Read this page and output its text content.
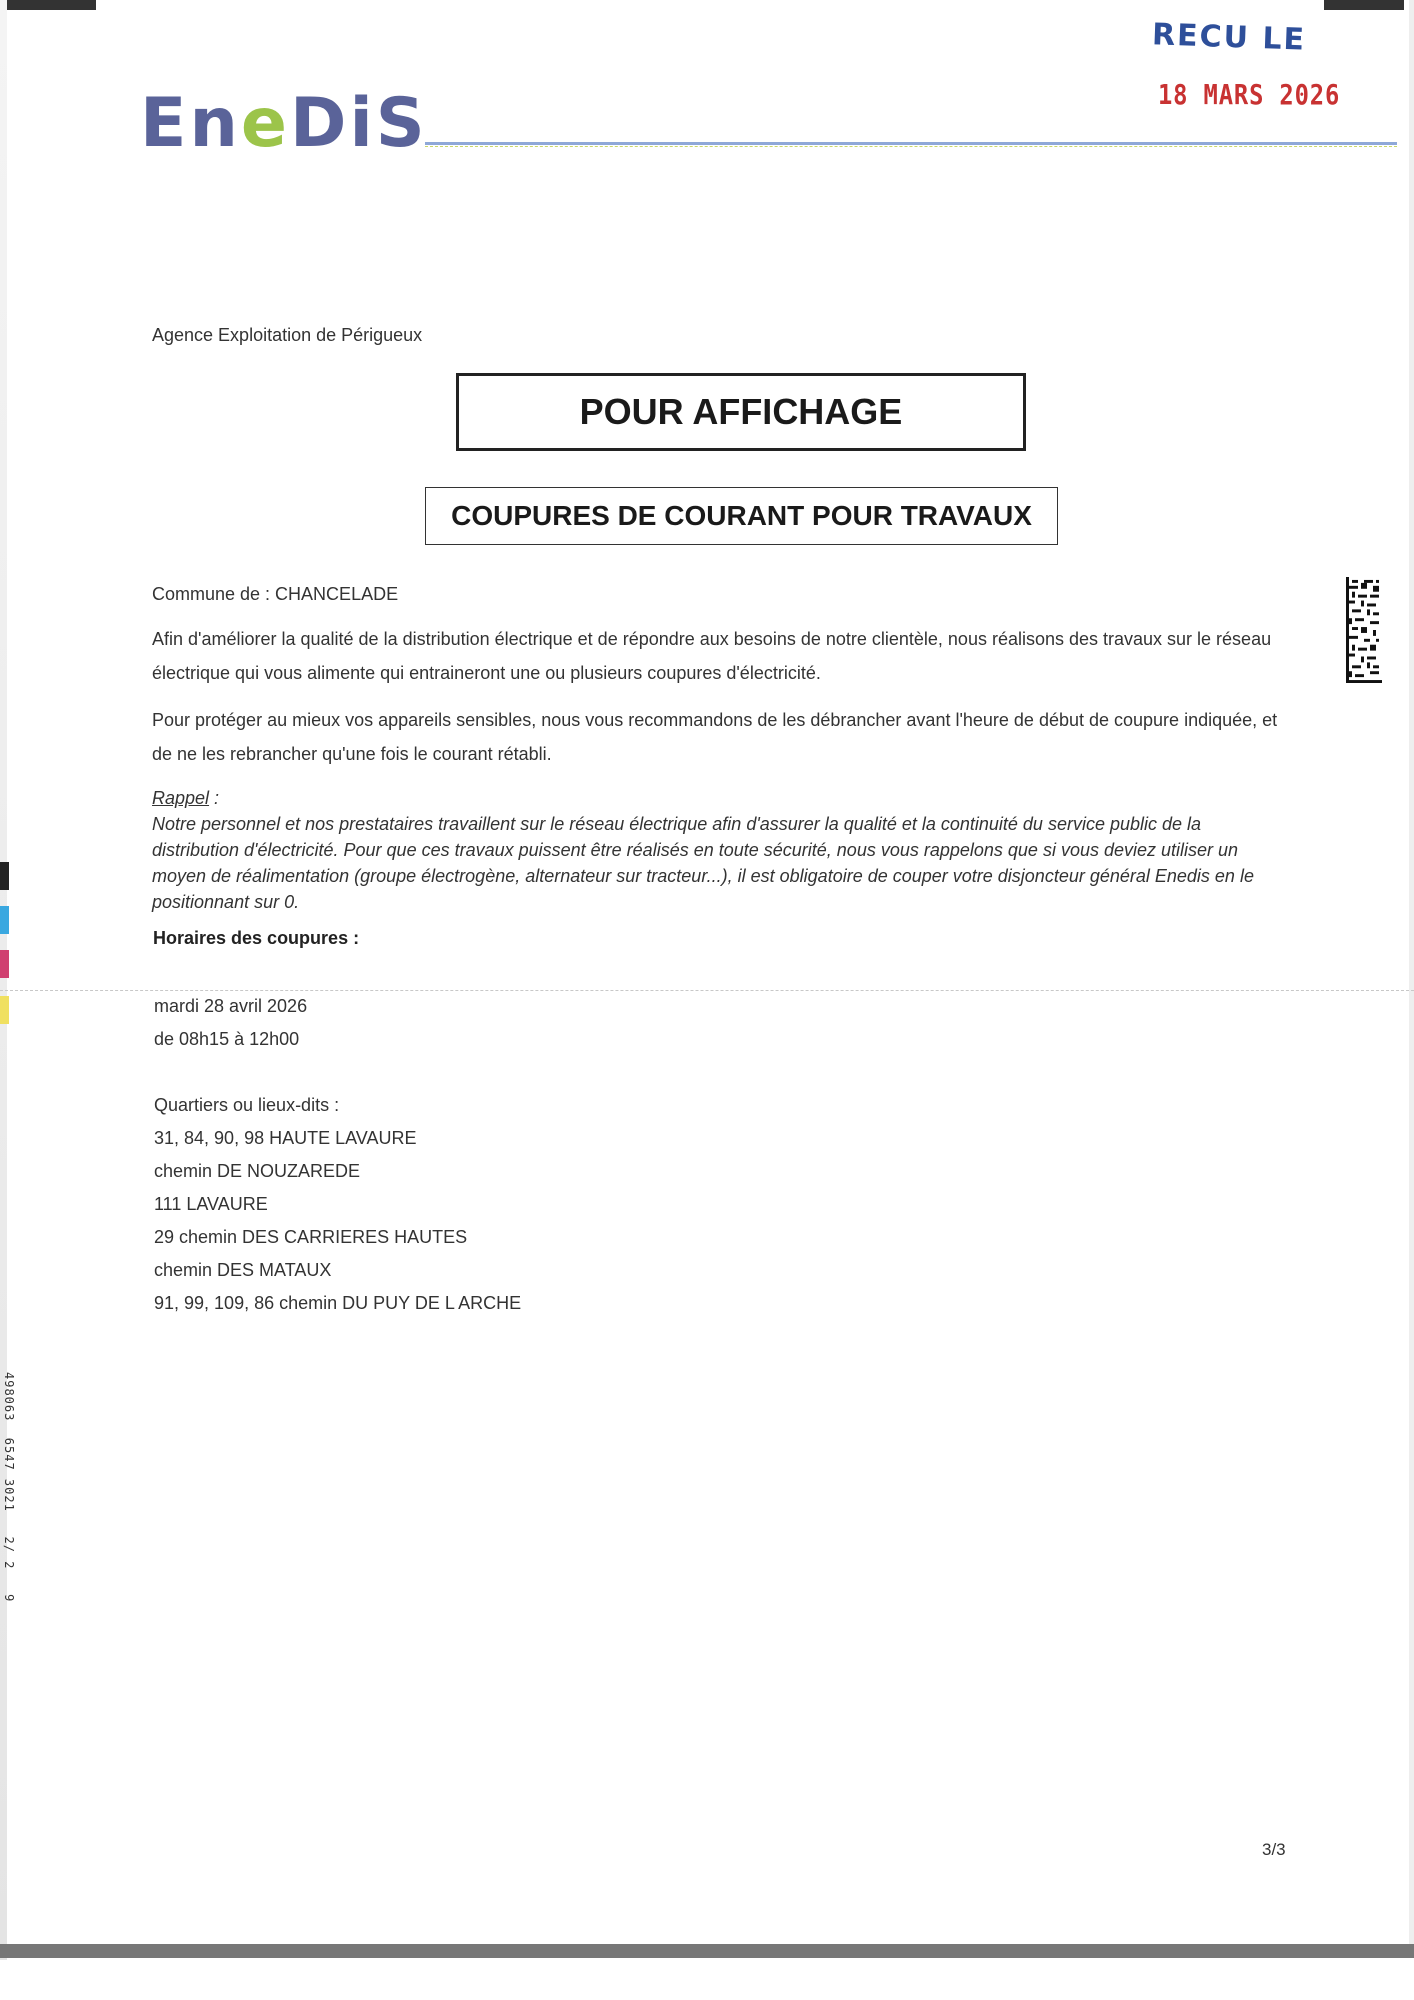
EneDiS
RECU LE
18 MARS 2026
Agence Exploitation de Périgueux
POUR AFFICHAGE
COUPURES DE COURANT POUR TRAVAUX
Commune de : CHANCELADE
Afin d'améliorer la qualité de la distribution électrique et de répondre aux besoins de notre clientèle, nous réalisons des travaux sur le réseau électrique qui vous alimente qui entraineront une ou plusieurs coupures d'électricité.
Pour protéger au mieux vos appareils sensibles, nous vous recommandons de les débrancher avant l'heure de début de coupure indiquée, et de ne les rebrancher qu'une fois le courant rétabli.
Rappel :
Notre personnel et nos prestataires travaillent sur le réseau électrique afin d'assurer la qualité et la continuité du service public de la distribution d'électricité. Pour que ces travaux puissent être réalisés en toute sécurité, nous vous rappelons que si vous deviez utiliser un moyen de réalimentation (groupe électrogène, alternateur sur tracteur...), il est obligatoire de couper votre disjoncteur général Enedis en le positionnant sur 0.
Horaires des coupures :
mardi 28 avril 2026
de 08h15 à 12h00
Quartiers ou lieux-dits :
31, 84, 90, 98 HAUTE LAVAURE
chemin DE NOUZAREDE
111 LAVAURE
29 chemin DES CARRIERES HAUTES
chemin DES MATAUX
91, 99, 109, 86 chemin DU PUY DE L ARCHE
498063  6547 3021   2/ 2   9
3/3
